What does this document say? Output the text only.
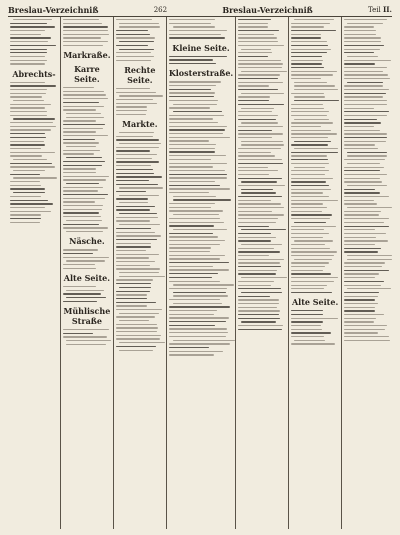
Breslau-Verzeichniß	262	Breslau-Verzeichniß	Teil II.
Abrechts-
Markraße.
Karre Seite.
Näsche.
Alte Seite.
Mühlische Straße
Rechte Seite.
Markte.
Kleine Seite.
Klosterstraße.
Alte Seite.
